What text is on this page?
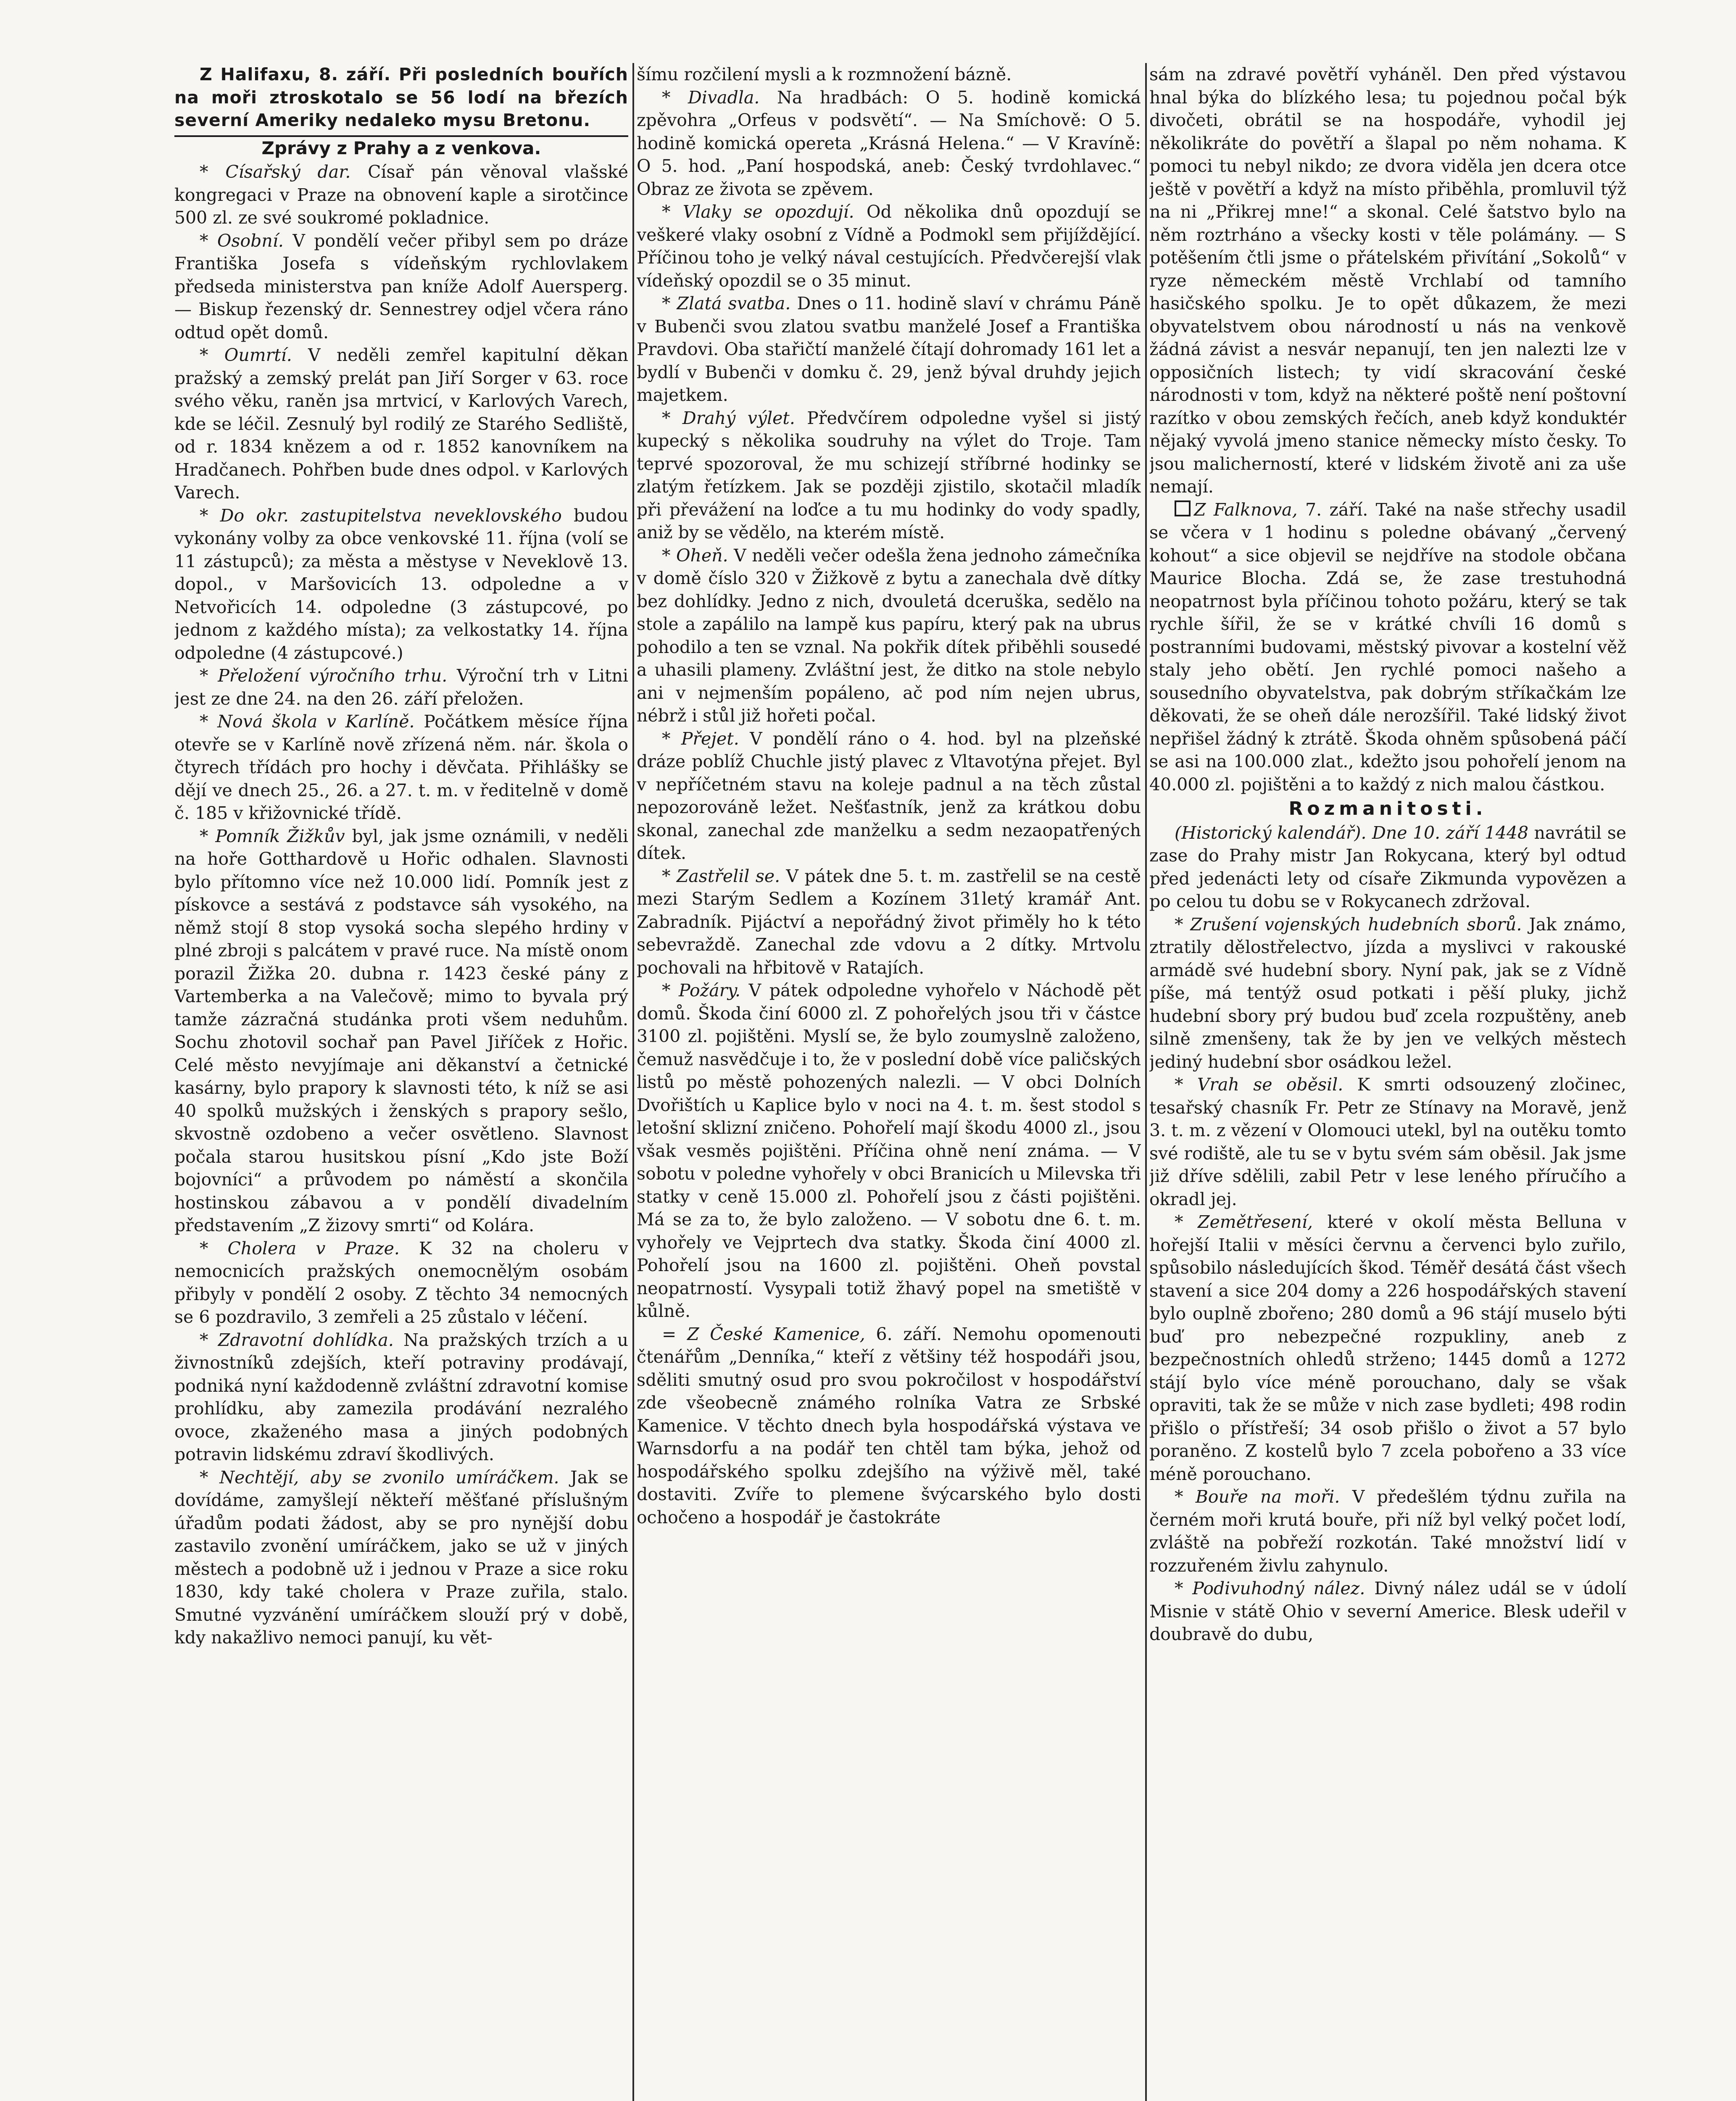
Z Halifaxu, 8. září. Při posledních bouřích na moři ztroskotalo se 56 lodí na březích severní Ameriky nedaleko mysu Bretonu.

Zprávy z Prahy a z venkova.

* Císařský dar. Císař pán věnoval vlašské kongregaci v Praze na obnovení kaple a sirotčince 500 zl. ze své soukromé pokladnice.

* Osobní. V pondělí večer přibyl sem po dráze Františka Josefa s vídeňským rychlovlakem předseda ministerstva pan kníže Adolf Auersperg. — Biskup řezenský dr. Sennestrey odjel včera ráno odtud opět domů.

* Oumrtí. V neděli zemřel kapitulní děkan pražský a zemský prelát pan Jiří Sorger v 63. roce svého věku, raněn jsa mrtvicí, v Karlových Varech, kde se léčil. Zesnulý byl rodilý ze Starého Sedliště, od r. 1834 knězem a od r. 1852 kanovníkem na Hradčanech. Pohřben bude dnes odpol. v Karlových Varech.

* Do okr. zastupitelstva neveklovského budou vykonány volby za obce venkovské 11. října (volí se 11 zástupců); za města a městyse v Neveklově 13. dopol., v Maršovicích 13. odpoledne a v Netvořicích 14. odpoledne (3 zástupcové, po jednom z každého místa); za velkostatky 14. října odpoledne (4 zástupcové.)

* Přeložení výročního trhu. Výroční trh v Litni jest ze dne 24. na den 26. září přeložen.

* Nová škola v Karlíně. Počátkem měsíce října otevře se v Karlíně nově zřízená něm. nár. škola o čtyrech třídách pro hochy i děvčata. Přihlášky se dějí ve dnech 25., 26. a 27. t. m. v ředitelně v domě č. 185 v křižovnické třídě.

* Pomník Žižkův byl, jak jsme oznámili, v neděli na hoře Gotthardově u Hořic odhalen. Slavnosti bylo přítomno více než 10.000 lidí. Pomník jest z pískovce a sestává z podstavce sáh vysokého, na němž stojí 8 stop vysoká socha slepého hrdiny v plné zbroji s palcátem v pravé ruce. Na místě onom porazil Žižka 20. dubna r. 1423 české pány z Vartemberka a na Valečově; mimo to byvala prý tamže zázračná studánka proti všem neduhům. Sochu zhotovil sochař pan Pavel Jiříček z Hořic. Celé město nevyjímaje ani děkanství a četnické kasárny, bylo prapory k slavnosti této, k níž se asi 40 spolků mužských i ženských s prapory sešlo, skvostně ozdobeno a večer osvětleno. Slavnost počala starou husitskou písní „Kdo jste Boží bojovníci“ a průvodem po náměstí a skončila hostinskou zábavou a v pondělí divadelním představením „Z žizovy smrti“ od Kolára.

* Cholera v Praze. K 32 na choleru v nemocnicích pražských onemocnělým osobám přibyly v pondělí 2 osoby. Z těchto 34 nemocných se 6 pozdravilo, 3 zemřeli a 25 zůstalo v léčení.

* Zdravotní dohlídka. Na pražských trzích a u živnostníků zdejších, kteří potraviny prodávají, podniká nyní každodenně zvláštní zdravotní komise prohlídku, aby zamezila prodávání nezralého ovoce, zkaženého masa a jiných podobných potravin lidskému zdraví škodlivých.

* Nechtějí, aby se zvonilo umíráčkem. Jak se dovídáme, zamyšlejí někteří měšťané příslušným úřadům podati žádost, aby se pro nynější dobu zastavilo zvonění umíráčkem, jako se už v jiných městech a podobně už i jednou v Praze a sice roku 1830, kdy také cholera v Praze zuřila, stalo. Smutné vyzvánění umíráčkem slouží prý v době, kdy nakažlivo nemoci panují, ku vět-

šímu rozčilení mysli a k rozmnožení bázně.

* Divadla. Na hradbách: O 5. hodině komická zpěvohra „Orfeus v podsvětí“. — Na Smíchově: O 5. hodině komická opereta „Krásná Helena.“ — V Kravíně: O 5. hod. „Paní hospodská, aneb: Český tvrdohlavec.“ Obraz ze života se zpěvem.

* Vlaky se opozdují. Od několika dnů opozdují se veškeré vlaky osobní z Vídně a Podmokl sem přijíždějící. Příčinou toho je velký nával cestujících. Předvčerejší vlak vídeňský opozdil se o 35 minut.

* Zlatá svatba. Dnes o 11. hodině slaví v chrámu Páně v Bubenči svou zlatou svatbu manželé Josef a Františka Pravdovi. Oba stařičtí manželé čítají dohromady 161 let a bydlí v Bubenči v domku č. 29, jenž býval druhdy jejich majetkem.

* Drahý výlet. Předvčírem odpoledne vyšel si jistý kupecký s několika soudruhy na výlet do Troje. Tam teprvé spozoroval, že mu schizejí stříbrné hodinky se zlatým řetízkem. Jak se později zjistilo, skotačil mladík při převážení na loďce a tu mu hodinky do vody spadly, aniž by se vědělo, na kterém místě.

* Oheň. V neděli večer odešla žena jednoho zámečníka v domě číslo 320 v Žižkově z bytu a zanechala dvě dítky bez dohlídky. Jedno z nich, dvouletá dceruška, sedělo na stole a zapálilo na lampě kus papíru, který pak na ubrus pohodilo a ten se vznal. Na pokřik dítek přiběhli sousedé a uhasili plameny. Zvláštní jest, že ditko na stole nebylo ani v nejmenším popáleno, ač pod ním nejen ubrus, nébrž i stůl již hořeti počal.

* Přejet. V pondělí ráno o 4. hod. byl na plzeňské dráze poblíž Chuchle jistý plavec z Vltavotýna přejet. Byl v nepříčetném stavu na koleje padnul a na těch zůstal nepozorováně ležet. Nešťastník, jenž za krátkou dobu skonal, zanechal zde manželku a sedm nezaopatřených dítek.

* Zastřelil se. V pátek dne 5. t. m. zastřelil se na cestě mezi Starým Sedlem a Kozínem 31letý kramář Ant. Zabradník. Pijáctví a nepořádný život přiměly ho k této sebevraždě. Zanechal zde vdovu a 2 dítky. Mrtvolu pochovali na hřbitově v Ratajích.

* Požáry. V pátek odpoledne vyhořelo v Náchodě pět domů. Škoda činí 6000 zl. Z pohořelých jsou tři v částce 3100 zl. pojištěni. Myslí se, že bylo zoumyslně založeno, čemuž nasvědčuje i to, že v poslední době více paličských listů po městě pohozených nalezli. — V obci Dolních Dvořištích u Kaplice bylo v noci na 4. t. m. šest stodol s letošní sklizní zničeno. Pohořelí mají škodu 4000 zl., jsou však vesměs pojištěni. Příčina ohně není známa. — V sobotu v poledne vyhořely v obci Branicích u Milevska tři statky v ceně 15.000 zl. Pohořelí jsou z části pojištěni. Má se za to, že bylo založeno. — V sobotu dne 6. t. m. vyhořely ve Vejprtech dva statky. Škoda činí 4000 zl. Pohořelí jsou na 1600 zl. pojištěni. Oheň povstal neopatrností. Vysypali totiž žhavý popel na smetiště v kůlně.

= Z České Kamenice, 6. září. Nemohu opomenouti čtenářům „Denníka,“ kteří z většiny též hospodáři jsou, sděliti smutný osud pro svou pokročilost v hospodářství zde všeobecně známého rolníka Vatra ze Srbské Kamenice. V těchto dnech byla hospodářská výstava ve Warnsdorfu a na podář ten chtěl tam býka, jehož od hospodářského spolku zdejšího na výživě měl, také dostaviti. Zvíře to plemene švýcarského bylo dosti ochočeno a hospodář je častokráte

sám na zdravé povětří vyháněl. Den před výstavou hnal býka do blízkého lesa; tu pojednou počal býk divočeti, obrátil se na hospodáře, vyhodil jej několikráte do povětří a šlapal po něm nohama. K pomoci tu nebyl nikdo; ze dvora viděla jen dcera otce ještě v povětří a když na místo přiběhla, promluvil týž na ni „Přikrej mne!“ a skonal. Celé šatstvo bylo na něm roztrháno a všecky kosti v těle polámány. — S potěšením čtli jsme o přátelském přivítání „Sokolů“ v ryze německém městě Vrchlabí od tamního hasičského spolku. Je to opět důkazem, že mezi obyvatelstvem obou národností u nás na venkově žádná závist a nesvár nepanují, ten jen nalezti lze v opposičních listech; ty vidí skracování české národnosti v tom, když na některé poště není poštovní razítko v obou zemských řečích, aneb když konduktér nějaký vyvolá jmeno stanice německy místo česky. To jsou malicherností, které v lidském životě ani za uše nemají.

Z Falknova, 7. září. Také na naše střechy usadil se včera v 1 hodinu s poledne obávaný „červený kohout“ a sice objevil se nejdříve na stodole občana Maurice Blocha. Zdá se, že zase trestuhodná neopatrnost byla příčinou tohoto požáru, který se tak rychle šířil, že se v krátké chvíli 16 domů s postranními budovami, městský pivovar a kostelní věž staly jeho obětí. Jen rychlé pomoci našeho a sousedního obyvatelstva, pak dobrým stříkačkám lze děkovati, že se oheň dále nerozšířil. Také lidský život nepřišel žádný k ztrátě. Škoda ohněm spůsobená páčí se asi na 100.000 zlat., kdežto jsou pohořelí jenom na 40.000 zl. pojištěni a to každý z nich malou částkou.

Rozmanitosti.

(Historický kalendář). Dne 10. září 1448 navrátil se zase do Prahy mistr Jan Rokycana, který byl odtud před jedenácti lety od císaře Zikmunda vypovězen a po celou tu dobu se v Rokycanech zdržoval.

* Zrušení vojenských hudebních sborů. Jak známo, ztratily dělostřelectvo, jízda a myslivci v rakouské armádě své hudební sbory. Nyní pak, jak se z Vídně píše, má tentýž osud potkati i pěší pluky, jichž hudební sbory prý budou buď zcela rozpuštěny, aneb silně zmenšeny, tak že by jen ve velkých městech jediný hudební sbor osádkou ležel.

* Vrah se oběsil. K smrti odsouzený zločinec, tesařský chasník Fr. Petr ze Stínavy na Moravě, jenž 3. t. m. z vězení v Olomouci utekl, byl na outěku tomto své rodiště, ale tu se v bytu svém sám oběsil. Jak jsme již dříve sdělili, zabil Petr v lese leného příručího a okradl jej.

* Zemětřesení, které v okolí města Belluna v hořejší Italii v měsíci červnu a červenci bylo zuřilo, spůsobilo následujících škod. Téměř desátá část všech stavení a sice 204 domy a 226 hospodářských stavení bylo ouplně zbořeno; 280 domů a 96 stájí muselo býti buď pro nebezpečné rozpukliny, aneb z bezpečnostních ohledů strženo; 1445 domů a 1272 stájí bylo více méně porouchano, daly se však opraviti, tak že se může v nich zase bydleti; 498 rodin přišlo o přístřeší; 34 osob přišlo o život a 57 bylo poraněno. Z kostelů bylo 7 zcela pobořeno a 33 více méně porouchano.

* Bouře na moři. V předešlém týdnu zuřila na černém moři krutá bouře, při níž byl velký počet lodí, zvláště na pobřeží rozkotán. Také množství lidí v rozzuřeném živlu zahynulo.

* Podivuhodný nález. Divný nález udál se v údolí Misnie v státě Ohio v severní Americe. Blesk udeřil v doubravě do dubu,
